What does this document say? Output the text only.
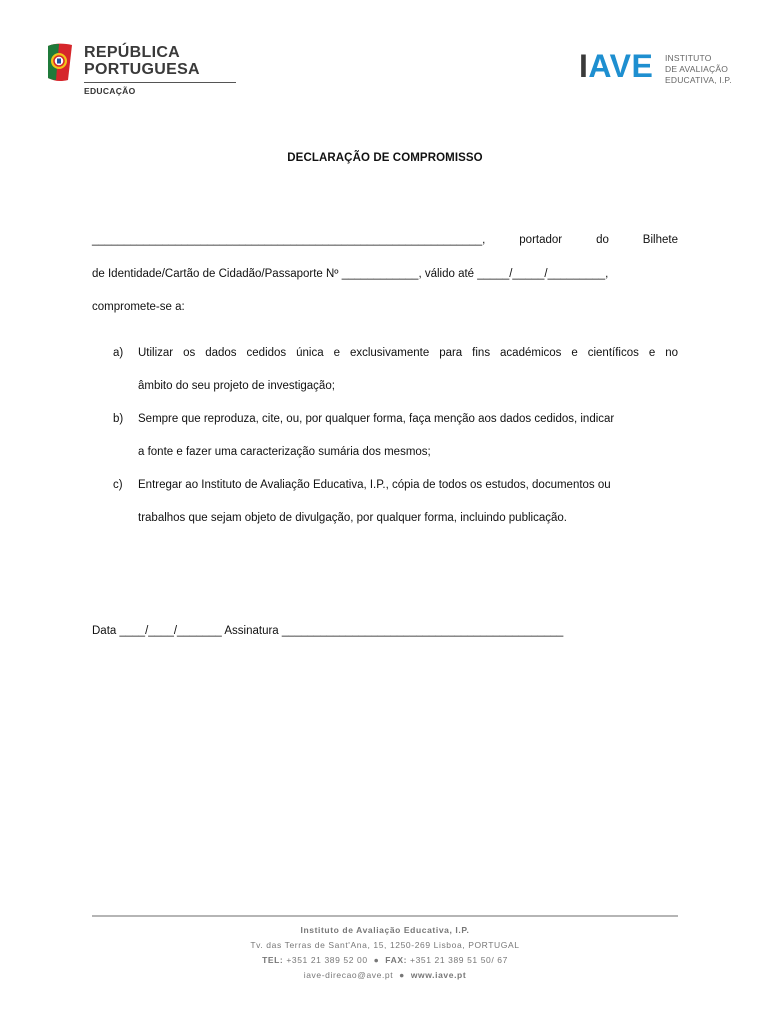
REPÚBLICA
PORTUGUESA
EDUCAÇÃO
IAVE INSTITUTO
DE AVALIAÇÃO
EDUCATIVA, I.P.
DECLARAÇÃO DE COMPROMISSO
_____________________________________________________________,	portador	do	Bilhete
de Identidade/Cartão de Cidadão/Passaporte Nº ____________, válido até _____/_____/_________,
compromete-se a:
a) Utilizar os dados cedidos única e exclusivamente para fins académicos e científicos e no
âmbito do seu projeto de investigação;
b) Sempre que reproduza, cite, ou, por qualquer forma, faça menção aos dados cedidos, indicar
a fonte e fazer uma caracterização sumária dos mesmos;
c) Entregar ao Instituto de Avaliação Educativa, I.P., cópia de todos os estudos, documentos ou
trabalhos que sejam objeto de divulgação, por qualquer forma, incluindo publicação.
Data ____/____/_______ Assinatura ____________________________________________
Instituto de Avaliação Educativa, I.P.
Tv. das Terras de Sant'Ana, 15, 1250-269 Lisboa, PORTUGAL
TEL: +351 21 389 52 00  ●  FAX: +351 21 389 51 50/ 67
iave-direcao@ave.pt  ●  www.iave.pt
